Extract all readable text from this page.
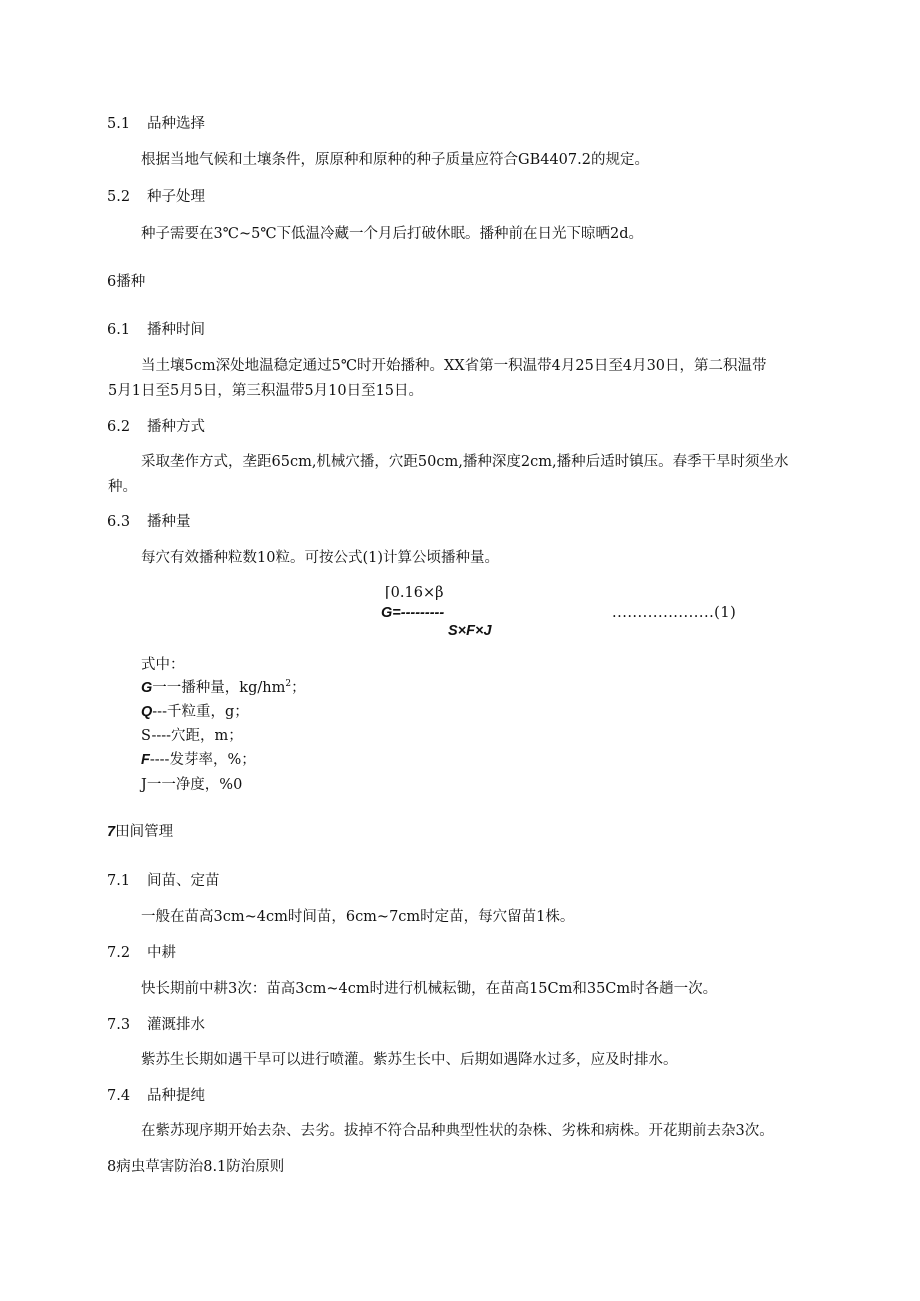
5.1 品种选择
根据当地气候和土壤条件，原原种和原种的种子质量应符合GB4407.2的规定。
5.2 种子处理
种子需要在3℃~5℃下低温冷藏一个月后打破休眠。播种前在日光下晾晒2d。
6播种
6.1 播种时间
当土壤5cm深处地温稳定通过5℃时开始播种。XX省第一积温带4月25日至4月30日，第二积温带
5月1日至5月5日，第三积温带5月10日至15日。
6.2 播种方式
采取垄作方式，垄距65cm,机械穴播，穴距50cm,播种深度2cm,播种后适时镇压。春季干旱时须坐水
种。
6.3 播种量
每穴有效播种粒数10粒。可按公式(1)计算公顷播种量。
⌈0.16×β
G=---------	....................(1)
S×F×J
式中：
G一一播种量，$kg/hm^2$；
Q---千粒重，g；
S----穴距，m；
F----发芽率，%；
J一一净度，%0
7田间管理
7.1 间苗、定苗
一般在苗高3cm~4cm时间苗，6cm~7cm时定苗，每穴留苗1株。
7.2 中耕
快长期前中耕3次：苗高3cm~4cm时进行机械耘锄，在苗高15Cm和35Cm时各趟一次。
7.3 灌溉排水
紫苏生长期如遇干旱可以进行喷灌。紫苏生长中、后期如遇降水过多，应及时排水。
7.4 品种提纯
在紫苏现序期开始去杂、去劣。拔掉不符合品种典型性状的杂株、劣株和病株。开花期前去杂3次。
8病虫草害防治8.1防治原则
